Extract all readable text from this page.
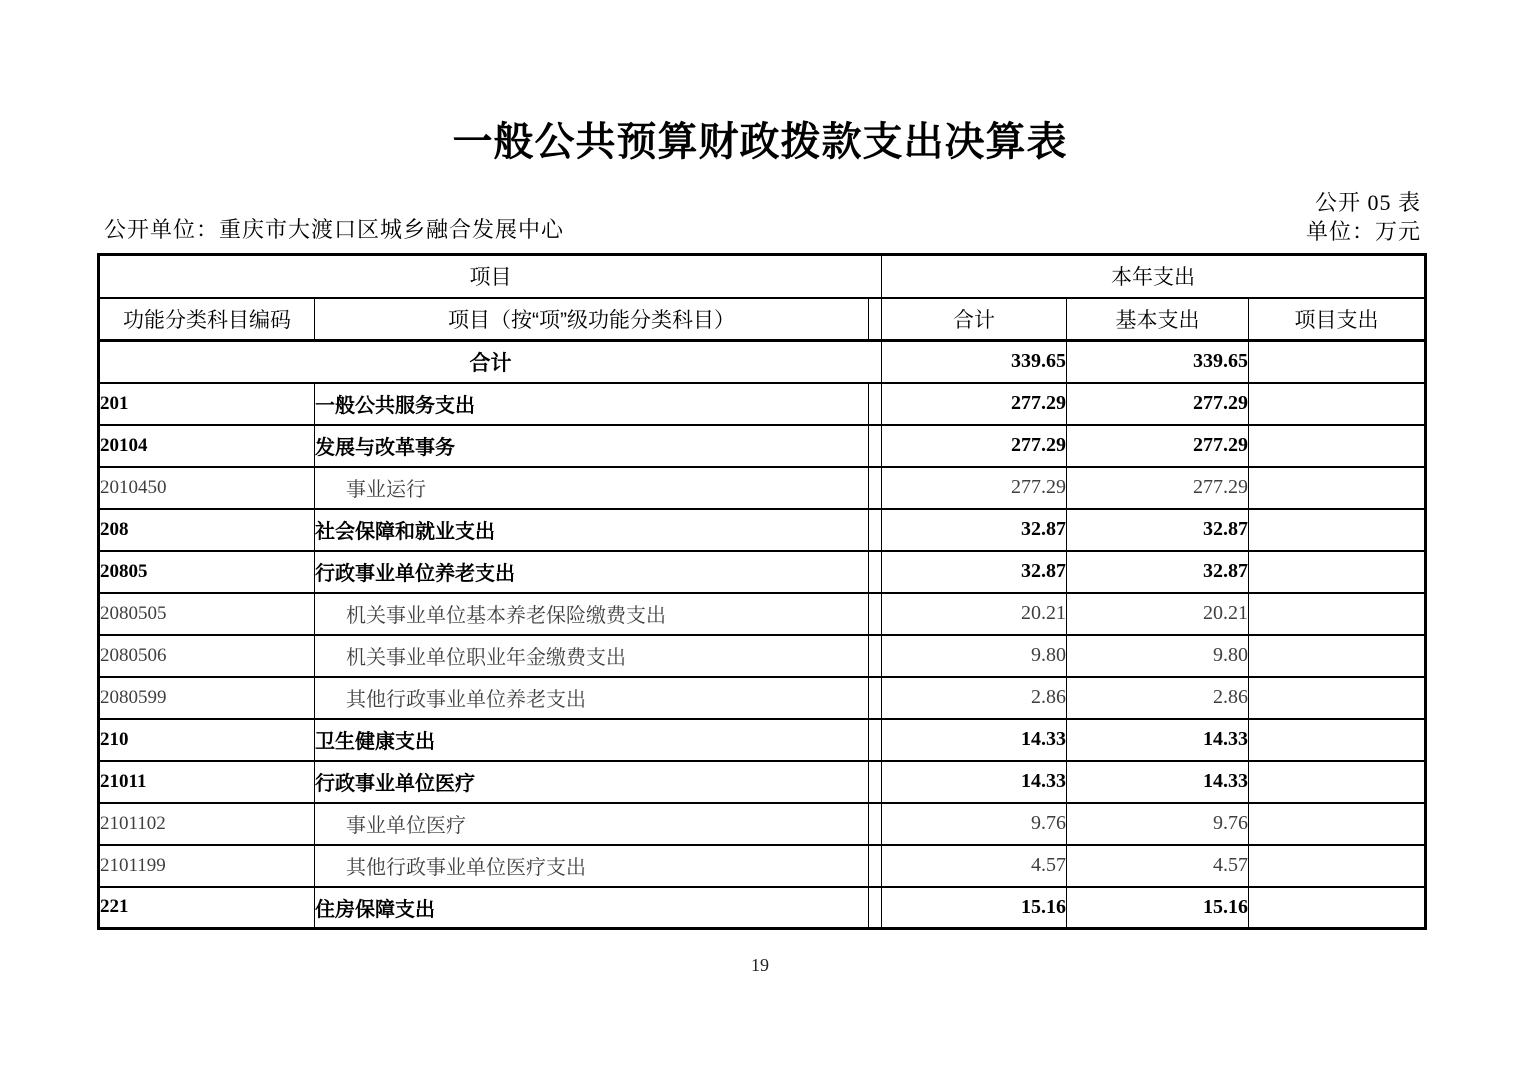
一般公共预算财政拨款支出决算表
公开 05 表
公开单位：重庆市大渡口区城乡融合发展中心	单位：万元
项目			本年支出		
功能分类科目编码	项目（按“项”级功能分类科目）		合计	基本支出	项目支出
合计			339.65	339.65	
201	一般公共服务支出		277.29	277.29	
20104	发展与改革事务		277.29	277.29	
2010450	事业运行		277.29	277.29	
208	社会保障和就业支出		32.87	32.87	
20805	行政事业单位养老支出		32.87	32.87	
2080505	机关事业单位基本养老保险缴费支出		20.21	20.21	
2080506	机关事业单位职业年金缴费支出		9.80	9.80	
2080599	其他行政事业单位养老支出		2.86	2.86	
210	卫生健康支出		14.33	14.33	
21011	行政事业单位医疗		14.33	14.33	
2101102	事业单位医疗		9.76	9.76	
2101199	其他行政事业单位医疗支出		4.57	4.57	
221	住房保障支出		15.16	15.16	
19
